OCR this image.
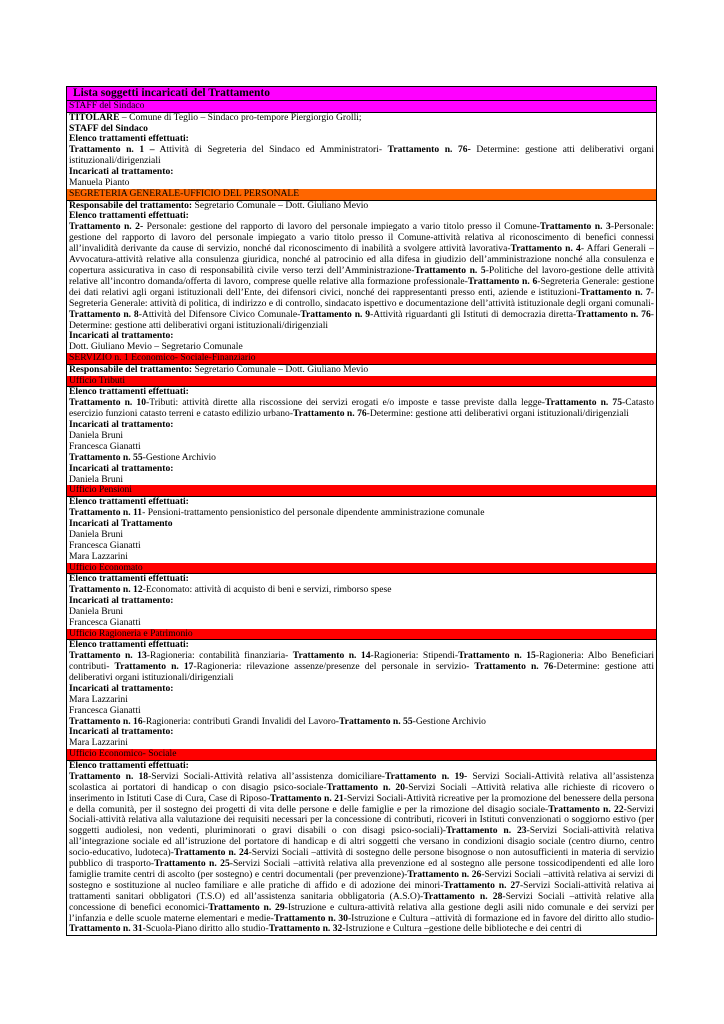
Lista soggetti incaricati del Trattamento
STAFF del Sindaco

TITOLARE – Comune di Teglio – Sindaco pro-tempore Piergiorgio Grolli;

STAFF del Sindaco

Elenco trattamenti effettuati:

Trattamento n. 1 – Attività di Segreteria del Sindaco ed Amministratori- Trattamento n. 76- Determine: gestione atti deliberativi organi istituzionali/dirigenziali

Incaricati al trattamento:

Manuela Pianto

SEGRETERIA GENERALE-UFFICIO DEL PERSONALE

Responsabile del trattamento: Segretario Comunale – Dott. Giuliano Mevio

Elenco trattamenti effettuati:

Trattamento n. 2- Personale: gestione del rapporto di lavoro del personale impiegato a vario titolo presso il Comune-Trattamento n. 3-Personale: gestione del rapporto di lavoro del personale impiegato a vario titolo presso il Comune-attività relativa al riconoscimento di benefici connessi all’invalidità derivante da cause di servizio, nonché dal riconoscimento di inabilità a svolgere attività lavorativa-Trattamento n. 4- Affari Generali – Avvocatura-attività relative alla consulenza giuridica, nonché al patrocinio ed alla difesa in giudizio dell’amministrazione nonché alla consulenza e copertura assicurativa in caso di responsabilità civile verso terzi dell’Amministrazione-Trattamento n. 5-Politiche del lavoro-gestione delle attività relative all’incontro domanda/offerta di lavoro, comprese quelle relative alla formazione professionale-Trattamento n. 6-Segreteria Generale: gestione dei dati relativi agli organi istituzionali dell’Ente, dei difensori civici, nonché dei rappresentanti presso enti, aziende e istituzioni-Trattamento n. 7-Segreteria Generale: attività di politica, di indirizzo e di controllo, sindacato ispettivo e documentazione dell’attività istituzionale degli organi comunali-Trattamento n. 8-Attività del Difensore Civico Comunale-Trattamento n. 9-Attività riguardanti gli Istituti di democrazia diretta-Trattamento n. 76-Determine: gestione atti deliberativi organi istituzionali/dirigenziali

Incaricati al trattamento:

Dott. Giuliano Mevio – Segretario Comunale

SERVIZIO n. 1 Economico- Sociale-Finanziario

Responsabile del trattamento: Segretario Comunale – Dott. Giuliano Mevio

Ufficio Tributi

Elenco trattamenti effettuati:

Trattamento n. 10-Tributi: attività dirette alla riscossione dei servizi erogati e/o imposte e tasse previste dalla legge-Trattamento n. 75-Catasto esercizio funzioni catasto terreni e catasto edilizio urbano-Trattamento n. 76-Determine: gestione atti deliberativi organi istituzionali/dirigenziali

Incaricati al trattamento:

Daniela Bruni

Francesca Gianatti

Trattamento n. 55-Gestione Archivio

Incaricati al trattamento:

Daniela Bruni

Ufficio Pensioni

Elenco trattamenti effettuati:

Trattamento n. 11- Pensioni-trattamento pensionistico del personale dipendente amministrazione comunale

Incaricati al Trattamento

Daniela Bruni

Francesca Gianatti

Mara Lazzarini

Ufficio Economato

Elenco trattamenti effettuati:

Trattamento n. 12-Economato: attività di acquisto di beni e servizi, rimborso spese

Incaricati al trattamento:

Daniela Bruni

Francesca Gianatti

Ufficio Ragioneria e Patrimonio

Elenco trattamenti effettuati:

Trattamento n. 13-Ragioneria: contabilità finanziaria- Trattamento n. 14-Ragioneria: Stipendi-Trattamento n. 15-Ragioneria: Albo Beneficiari contributi- Trattamento n. 17-Ragioneria: rilevazione assenze/presenze del personale in servizio- Trattamento n. 76-Determine: gestione atti deliberativi organi istituzionali/dirigenziali

Incaricati al trattamento:

Mara Lazzarini

Francesca Gianatti

Trattamento n. 16-Ragioneria: contributi Grandi Invalidi del Lavoro-Trattamento n. 55-Gestione Archivio

Incaricati al trattamento:

Mara Lazzarini

Ufficio Economico- Sociale

Elenco trattamenti effettuati:

Trattamento n. 18-Servizi Sociali-Attività relativa all’assistenza domiciliare-Trattamento n. 19- Servizi Sociali-Attività relativa all’assistenza scolastica ai portatori di handicap o con disagio psico-sociale-Trattamento n. 20-Servizi Sociali –Attività relativa alle richieste di ricovero o inserimento in Istituti Case di Cura, Case di Riposo-Trattamento n. 21-Servizi Sociali-Attività ricreative per la promozione del benessere della persona e della comunità, per il sostegno dei progetti di vita delle persone e delle famiglie e per la rimozione del disagio sociale-Trattamento n. 22-Servizi Sociali-attività relativa alla valutazione dei requisiti necessari per la concessione di contributi, ricoveri in Istituti convenzionati o soggiorno estivo (per soggetti audiolesi, non vedenti, pluriminorati o gravi disabili o con disagi psico-sociali)-Trattamento n. 23-Servizi Sociali-attività relativa all’integrazione sociale ed all’istruzione del portatore di handicap e di altri soggetti che versano in condizioni disagio sociale (centro diurno, centro socio-educativo, ludoteca)-Trattamento n. 24-Servizi Sociali –attività di sostegno delle persone bisognose o non autosufficienti in materia di servizio pubblico di trasporto-Trattamento n. 25-Servizi Sociali –attività relativa alla prevenzione ed al sostegno alle persone tossicodipendenti ed alle loro famiglie tramite centri di ascolto (per sostegno) e centri documentali (per prevenzione)-Trattamento n. 26-Servizi Sociali –attività relativa ai servizi di sostegno e sostituzione al nucleo familiare e alle pratiche di affido e di adozione dei minori-Trattamento n. 27-Servizi Sociali-attività relativa ai trattamenti sanitari obbligatori (T.S.O) ed all’assistenza sanitaria obbligatoria (A.S.O)-Trattamento n. 28-Servizi Sociali –attività relative alla concessione di benefici economici-Trattamento n. 29-Istruzione e cultura-attività relativa alla gestione degli asili nido comunale e dei servizi per l’infanzia e delle scuole materne elementari e medie-Trattamento n. 30-Istruzione e Cultura –attività di formazione ed in favore del diritto allo studio-Trattamento n. 31-Scuola-Piano diritto allo studio-Trattamento n. 32-Istruzione e Cultura –gestione delle biblioteche e dei centri di
